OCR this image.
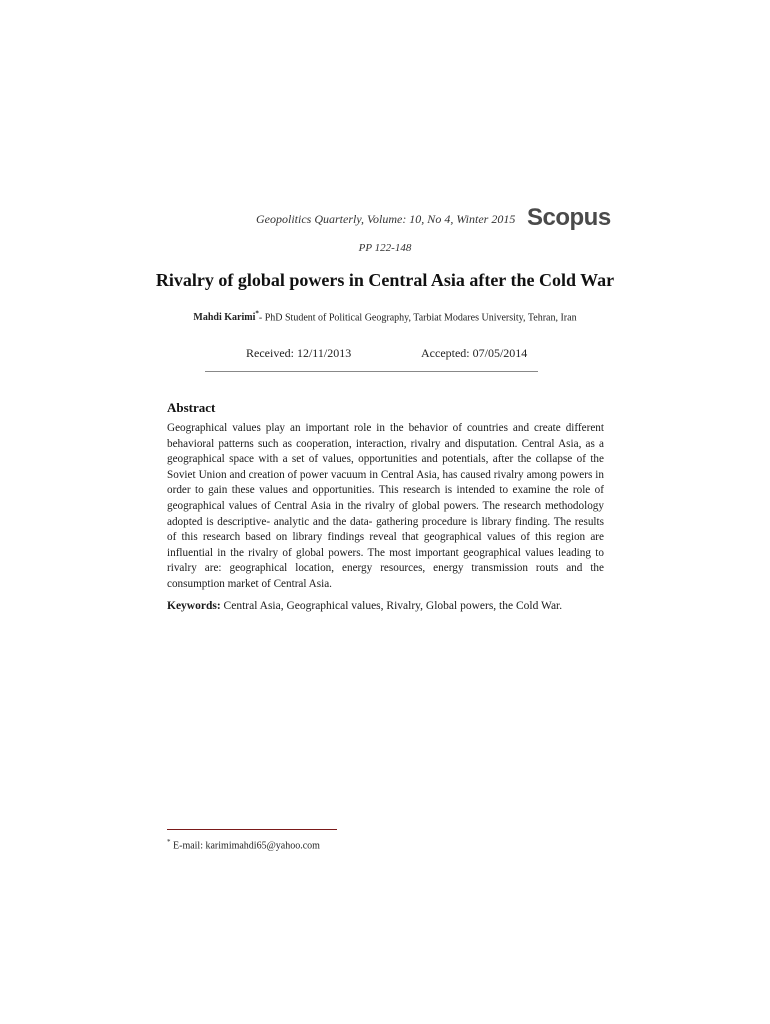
Geopolitics Quarterly, Volume: 10, No 4, Winter 2015 Scopus
PP 122-148
Rivalry of global powers in Central Asia after the Cold War
Mahdi Karimi*- PhD Student of Political Geography, Tarbiat Modares University, Tehran, Iran
Received: 12/11/2013	Accepted: 07/05/2014
Abstract
Geographical values play an important role in the behavior of countries and create different behavioral patterns such as cooperation, interaction, rivalry and disputation. Central Asia, as a geographical space with a set of values, opportunities and potentials, after the collapse of the Soviet Union and creation of power vacuum in Central Asia, has caused rivalry among powers in order to gain these values and opportunities. This research is intended to examine the role of geographical values of Central Asia in the rivalry of global powers. The research methodology adopted is descriptive- analytic and the data- gathering procedure is library finding. The results of this research based on library findings reveal that geographical values of this region are influential in the rivalry of global powers. The most important geographical values leading to rivalry are: geographical location, energy resources, energy transmission routs and the consumption market of Central Asia.
Keywords: Central Asia, Geographical values, Rivalry, Global powers, the Cold War.
* E-mail: karimimahdi65@yahoo.com
